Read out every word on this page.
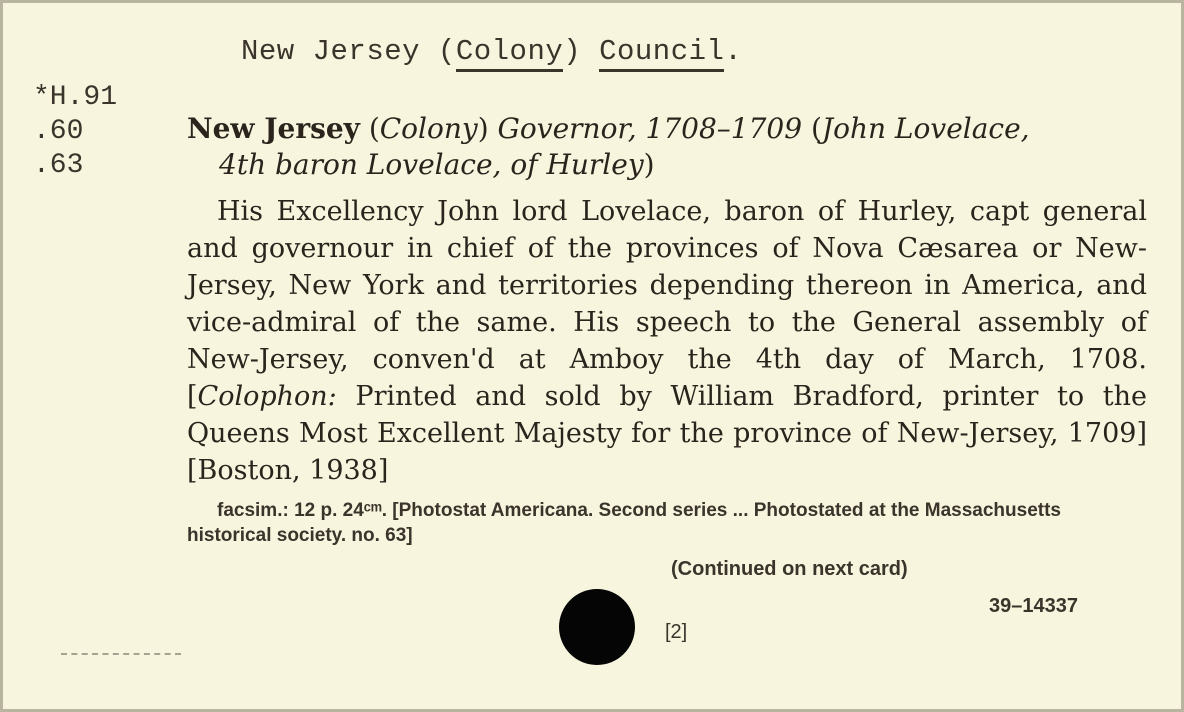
New Jersey (Colony) Council.
*H.91
.60
.63
New Jersey (Colony) Governor, 1708–1709 (John Lovelace,
4th baron Lovelace, of Hurley)
His Excellency John lord Lovelace, baron of Hurley, capt general and governour in chief of the provinces of Nova Cæsarea or New-Jersey, New York and territories depending thereon in America, and vice-admiral of the same. His speech to the General assembly of New-Jersey, conven'd at Amboy the 4th day of March, 1708. [Colophon: Printed and sold by William Bradford, printer to the Queens Most Excellent Majesty for the province of New-Jersey, 1709] [Boston, 1938]
facsim.: 12 p. 24ᶜᵐ. [Photostat Americana. Second series ... Photostated at the Massachusetts historical society. no. 63]
(Continued on next card)
39–14337
[2]
